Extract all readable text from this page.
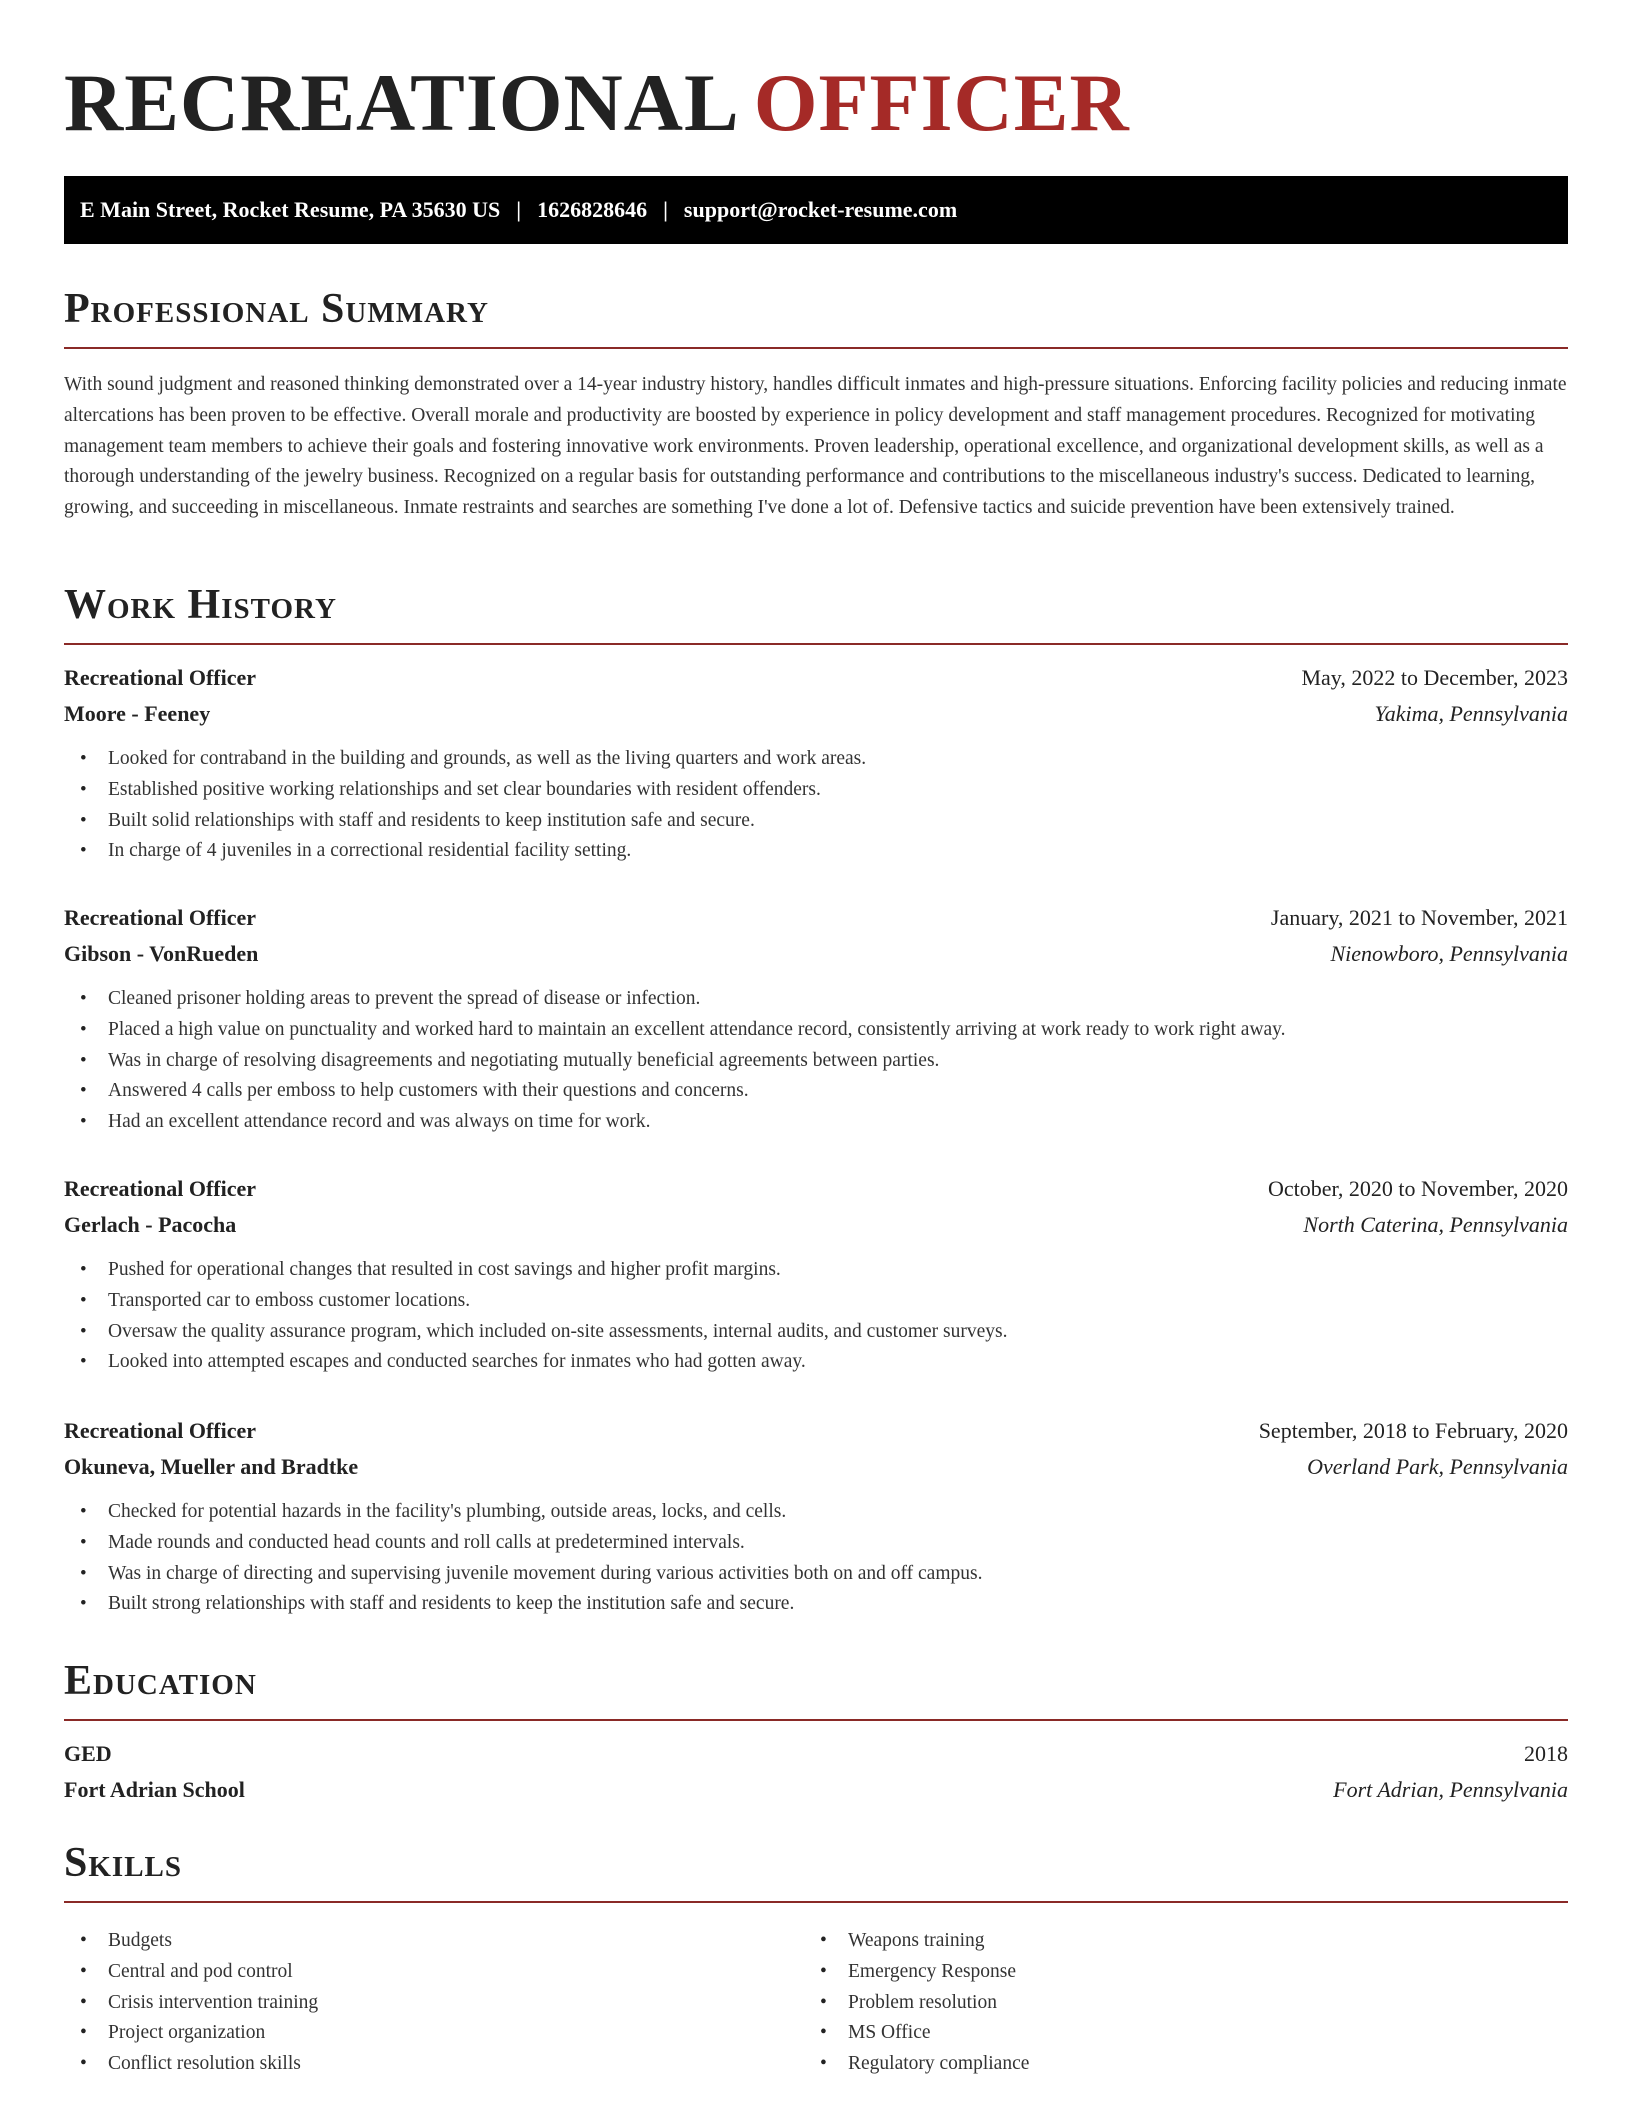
RECREATIONAL OFFICER
E Main Street, Rocket Resume, PA 35630 US | 1626828646 | support@rocket-resume.com
Professional Summary
With sound judgment and reasoned thinking demonstrated over a 14-year industry history, handles difficult inmates and high-pressure situations. Enforcing facility policies and reducing inmate altercations has been proven to be effective. Overall morale and productivity are boosted by experience in policy development and staff management procedures. Recognized for motivating management team members to achieve their goals and fostering innovative work environments. Proven leadership, operational excellence, and organizational development skills, as well as a thorough understanding of the jewelry business. Recognized on a regular basis for outstanding performance and contributions to the miscellaneous industry's success. Dedicated to learning, growing, and succeeding in miscellaneous. Inmate restraints and searches are something I've done a lot of. Defensive tactics and suicide prevention have been extensively trained.
Work History
Recreational Officer	May, 2022 to December, 2023
Moore - Feeney	Yakima, Pennsylvania
• Looked for contraband in the building and grounds, as well as the living quarters and work areas.
• Established positive working relationships and set clear boundaries with resident offenders.
• Built solid relationships with staff and residents to keep institution safe and secure.
• In charge of 4 juveniles in a correctional residential facility setting.
Recreational Officer	January, 2021 to November, 2021
Gibson - VonRueden	Nienowboro, Pennsylvania
• Cleaned prisoner holding areas to prevent the spread of disease or infection.
• Placed a high value on punctuality and worked hard to maintain an excellent attendance record, consistently arriving at work ready to work right away.
• Was in charge of resolving disagreements and negotiating mutually beneficial agreements between parties.
• Answered 4 calls per emboss to help customers with their questions and concerns.
• Had an excellent attendance record and was always on time for work.
Recreational Officer	October, 2020 to November, 2020
Gerlach - Pacocha	North Caterina, Pennsylvania
• Pushed for operational changes that resulted in cost savings and higher profit margins.
• Transported car to emboss customer locations.
• Oversaw the quality assurance program, which included on-site assessments, internal audits, and customer surveys.
• Looked into attempted escapes and conducted searches for inmates who had gotten away.
Recreational Officer	September, 2018 to February, 2020
Okuneva, Mueller and Bradtke	Overland Park, Pennsylvania
• Checked for potential hazards in the facility's plumbing, outside areas, locks, and cells.
• Made rounds and conducted head counts and roll calls at predetermined intervals.
• Was in charge of directing and supervising juvenile movement during various activities both on and off campus.
• Built strong relationships with staff and residents to keep the institution safe and secure.
Education
GED	2018
Fort Adrian School	Fort Adrian, Pennsylvania
Skills
• Budgets
• Central and pod control
• Crisis intervention training
• Project organization
• Conflict resolution skills
• Weapons training
• Emergency Response
• Problem resolution
• MS Office
• Regulatory compliance
